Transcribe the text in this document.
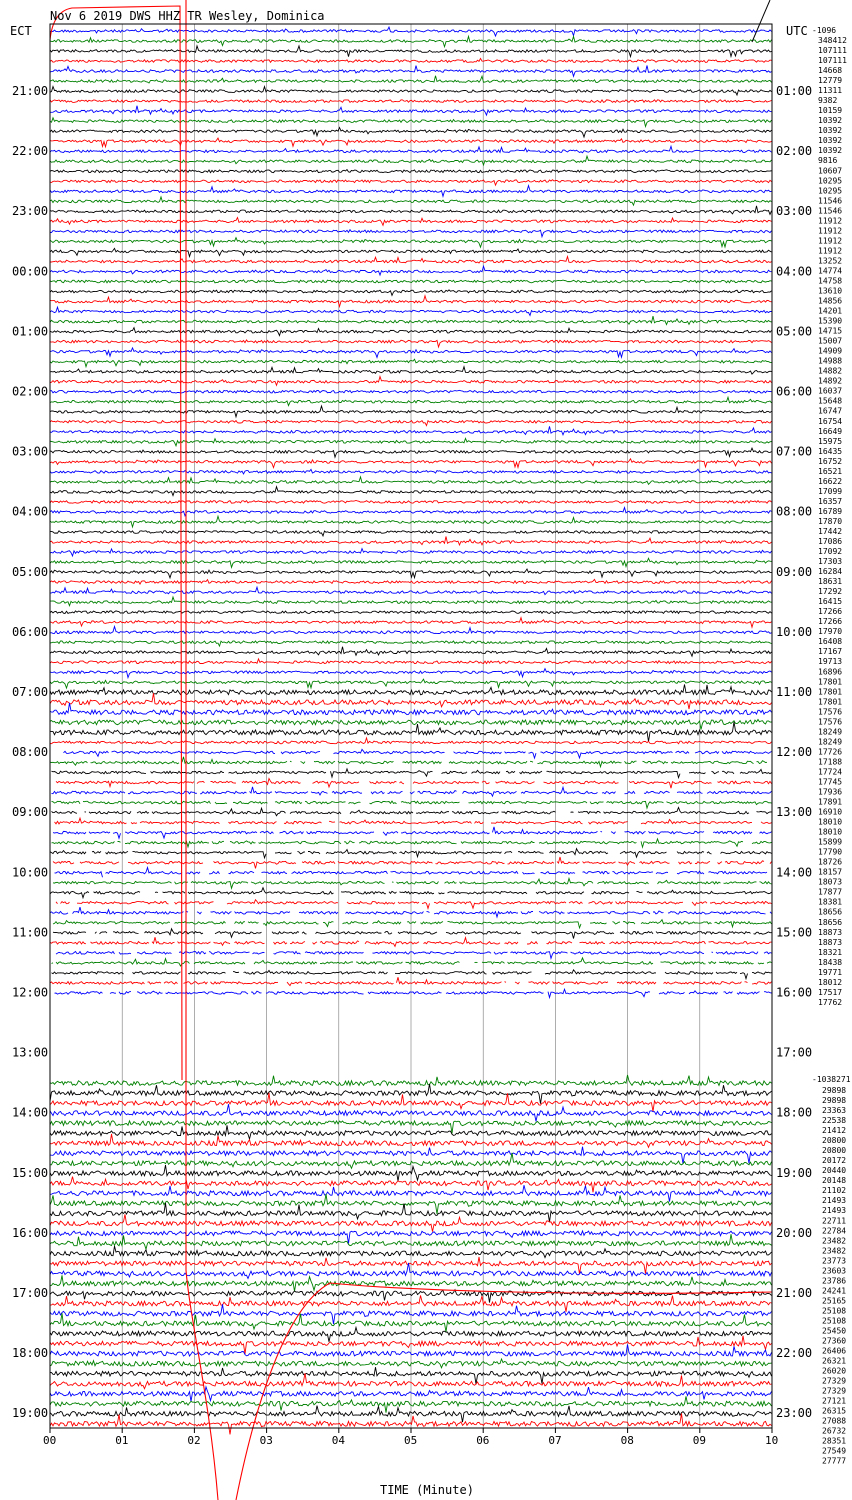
Nov 6 2019 DWS HHZ TR Wesley, Dominica
ECT	UTC
TIME (Minute)
-1096
-1038271
00	01	02	03	04	05	06	07	08	09	10
21:00
22:00
23:00
00:00
01:00
02:00
03:00
04:00
05:00
06:00
07:00
08:00
09:00
10:00
11:00
12:00
13:00
14:00
15:00
16:00
17:00
18:00
19:00
01:00
02:00
03:00
04:00
05:00
06:00
07:00
08:00
09:00
10:00
11:00
12:00
13:00
14:00
15:00
16:00
17:00
18:00
19:00
20:00
21:00
22:00
23:00
348412
107111
107111
14668
12779
11311
9382
10159
10392
10392
10392
10392
9816
10607
10295
10295
11546
11546
11912
11912
11912
11912
13252
14774
14758
13610
14856
14201
15390
14715
15007
14909
14988
14882
14892
16037
15648
16747
16754
16649
15975
16435
16752
16521
16622
17099
16357
16789
17870
17442
17086
17092
17303
16284
18631
17292
16415
17266
17266
17970
16408
17167
19713
16896
17801
17801
17801
17576
17576
18249
18249
17726
17188
17724
17745
17936
17891
16910
18010
18010
15899
17790
18726
18157
18073
17877
18381
18656
18656
18873
18873
18321
18438
19771
18012
17517
17762
29898
29898
23363
22538
21412
20800
20800
20172
20440
20148
21102
21493
21493
22711
22784
23482
23482
23773
23603
23786
24241
25165
25108
25108
25450
27360
26406
26321
26020
27329
27329
27121
26315
27088
26732
28351
27549
27777
